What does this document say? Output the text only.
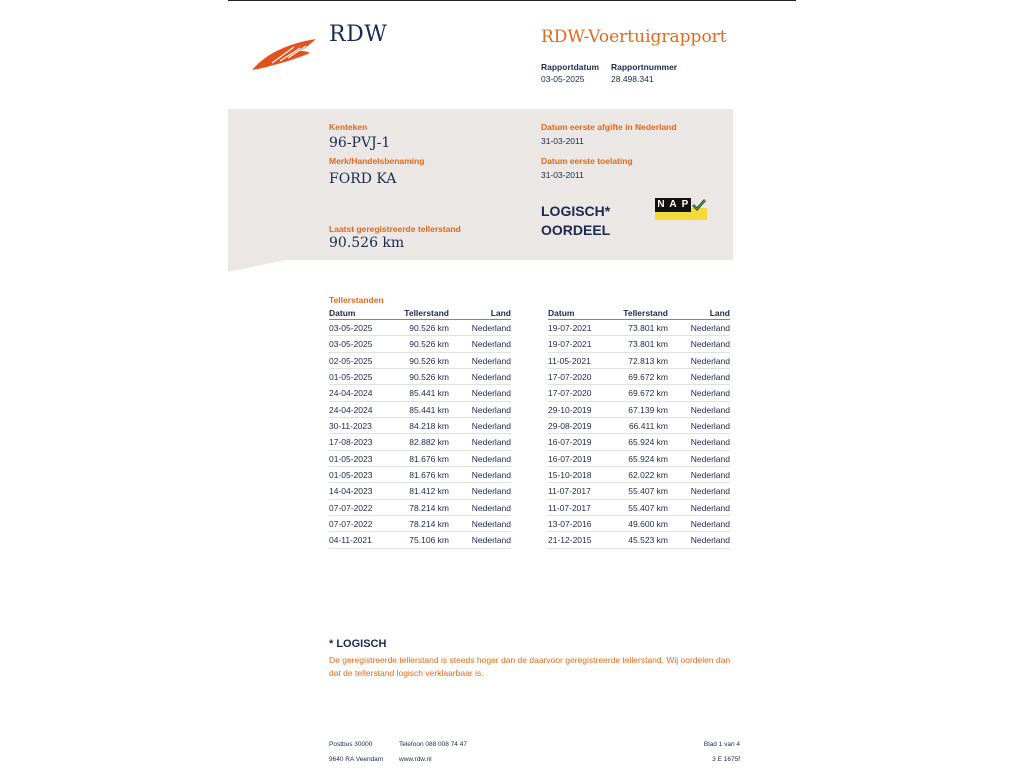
RDW	RDW-Voertuigrapport
Rapportdatum
03-05-2025
Rapportnummer
28.498.341
Kenteken
96-PVJ-1
Merk/Handelsbenaming
FORD KA
Laatst geregistreerde tellerstand
90.526 km
Datum eerste afgifte in Nederland
31-03-2011
Datum eerste toelating
31-03-2011
LOGISCH*
OORDEEL
N A P
Tellerstanden
Datum	Tellerstand	Land
03-05-2025	90.526 km	Nederland
03-05-2025	90.526 km	Nederland
02-05-2025	90.526 km	Nederland
01-05-2025	90.526 km	Nederland
24-04-2024	85.441 km	Nederland
24-04-2024	85.441 km	Nederland
30-11-2023	84.218 km	Nederland
17-08-2023	82.882 km	Nederland
01-05-2023	81.676 km	Nederland
01-05-2023	81.676 km	Nederland
14-04-2023	81.412 km	Nederland
07-07-2022	78.214 km	Nederland
07-07-2022	78.214 km	Nederland
04-11-2021	75.106 km	Nederland
Datum	Tellerstand	Land
19-07-2021	73.801 km	Nederland
19-07-2021	73.801 km	Nederland
11-05-2021	72.813 km	Nederland
17-07-2020	69.672 km	Nederland
17-07-2020	69.672 km	Nederland
29-10-2019	67.139 km	Nederland
29-08-2019	66.411 km	Nederland
16-07-2019	65.924 km	Nederland
16-07-2019	65.924 km	Nederland
15-10-2018	62.022 km	Nederland
11-07-2017	55.407 km	Nederland
11-07-2017	55.407 km	Nederland
13-07-2016	49.600 km	Nederland
21-12-2015	45.523 km	Nederland
* LOGISCH
De geregistreerde tellerstand is steeds hoger dan de daarvoor geregistreerde tellerstand. Wij oordelen dan dat de tellerstand logisch verklaarbaar is.
Postbus 30000
9640 RA Veendam
Telefoon 088 008 74 47
www.rdw.nl
Blad 1 van 4
3 E 1675f
